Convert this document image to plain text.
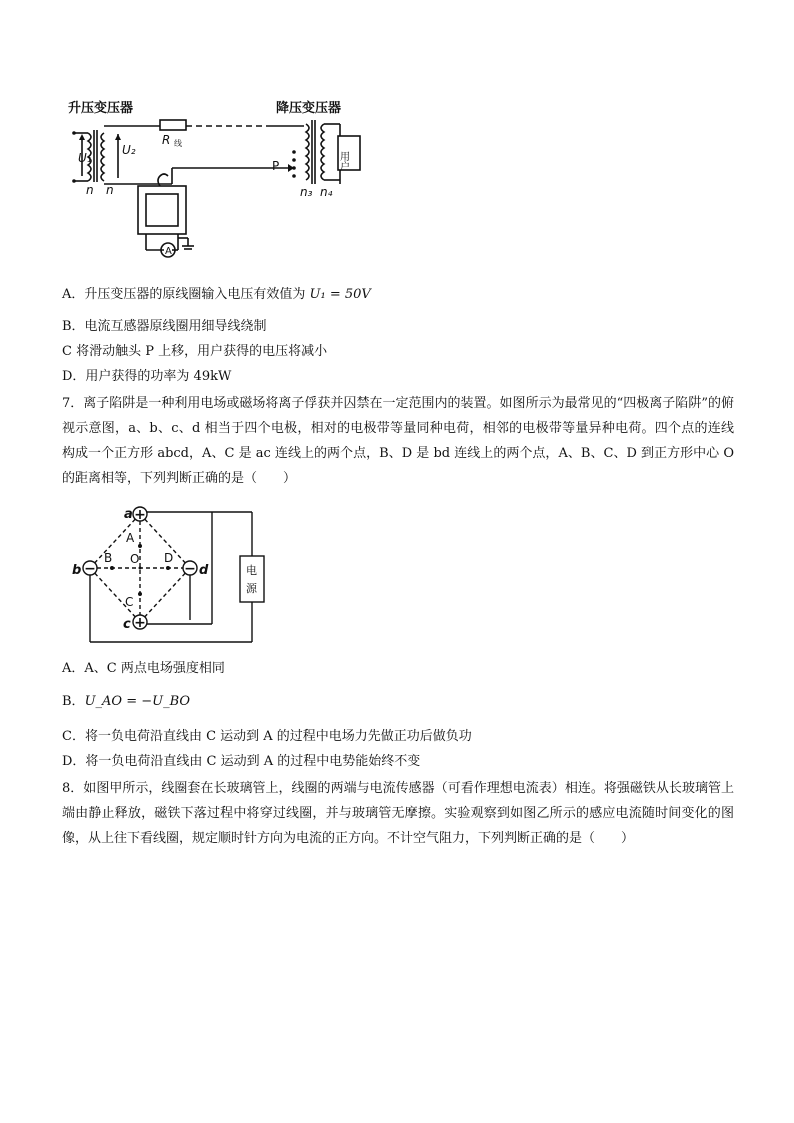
升压变压器	降压变压器
U₁
U₂
R 线
n n
P
n₃ n₄
A
用户
A．升压变压器的原线圈输入电压有效值为 U₁ = 50V
B．电流互感器原线圈用细导线绕制
C 将滑动触头 P 上移，用户获得的电压将减小
D．用户获得的功率为 49kW
7．离子陷阱是一种利用电场或磁场将离子俘获并囚禁在一定范围内的装置。如图所示为最常见的“四极离子陷阱”的俯视示意图，a、b、c、d 相当于四个电极，相对的电极带等量同种电荷，相邻的电极带等量异种电荷。四个点的连线构成一个正方形 abcd，A、C 是 ac 连线上的两个点，B、D 是 bd 连线上的两个点，A、B、C、D 到正方形中心 O 的距离相等，下列判断正确的是（　　）
+
−	−
+
a
b	d
c
A
B O D
C
电
源
A．A、C 两点电场强度相同
B．U_AO = −U_BO
C．将一负电荷沿直线由 C 运动到 A 的过程中电场力先做正功后做负功
D．将一负电荷沿直线由 C 运动到 A 的过程中电势能始终不变
8．如图甲所示，线圈套在长玻璃管上，线圈的两端与电流传感器（可看作理想电流表）相连。将强磁铁从长玻璃管上端由静止释放，磁铁下落过程中将穿过线圈，并与玻璃管无摩擦。实验观察到如图乙所示的感应电流随时间变化的图像，从上往下看线圈，规定顺时针方向为电流的正方向。不计空气阻力，下列判断正确的是（　　）
